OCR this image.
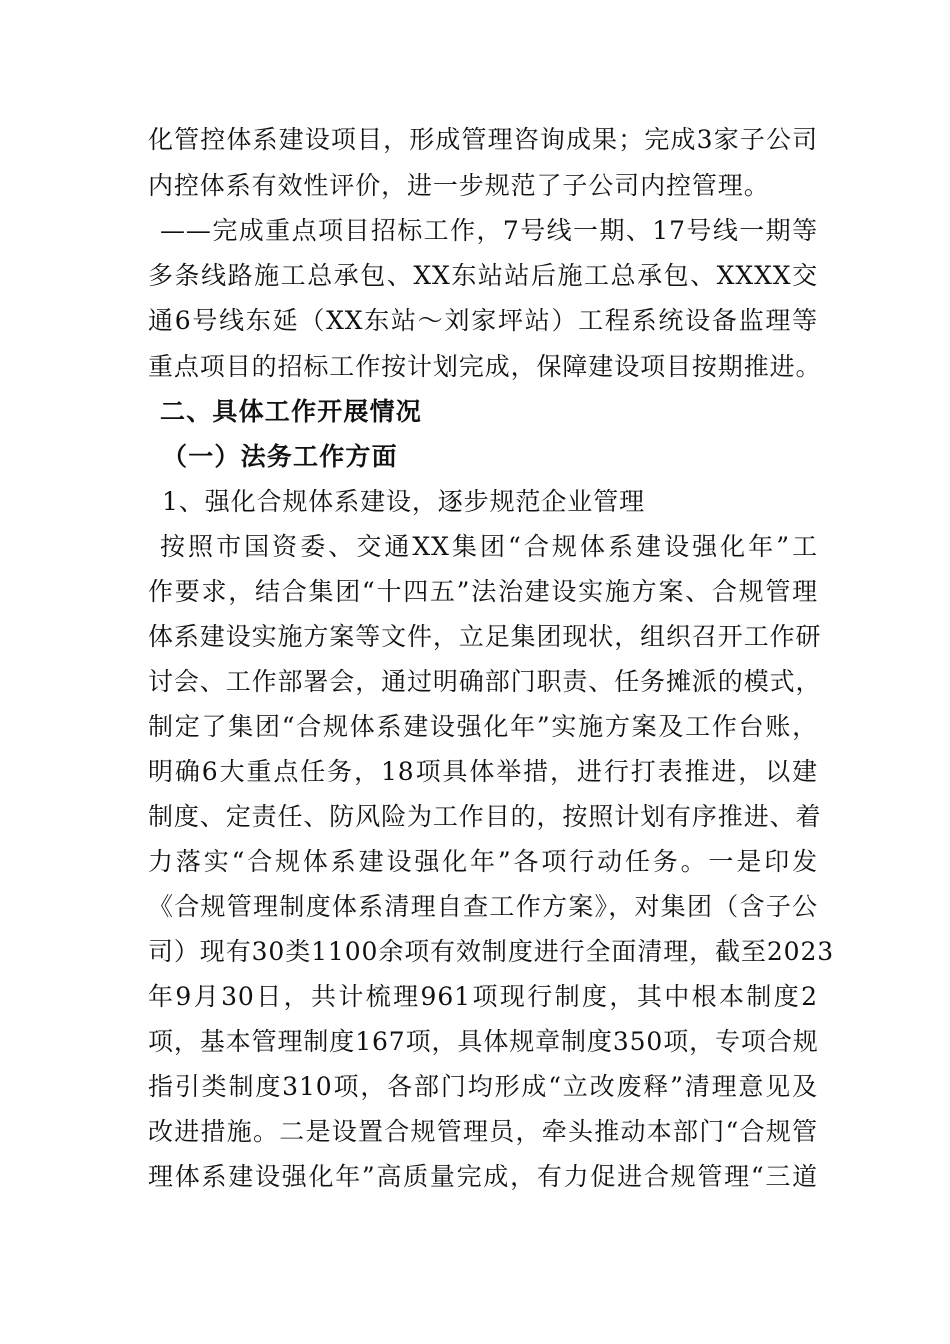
化管控体系建设项目，形成管理咨询成果；完成3家子公司
内控体系有效性评价，进一步规范了子公司内控管理。
——完成重点项目招标工作，7号线一期、17号线一期等
多条线路施工总承包、XX东站站后施工总承包、XXXX交
通6号线东延（XX东站～刘家坪站）工程系统设备监理等
重点项目的招标工作按计划完成，保障建设项目按期推进。
二、具体工作开展情况
（一）法务工作方面
1、强化合规体系建设，逐步规范企业管理
按照市国资委、交通XX集团“合规体系建设强化年”工
作要求，结合集团“十四五”法治建设实施方案、合规管理
体系建设实施方案等文件，立足集团现状，组织召开工作研
讨会、工作部署会，通过明确部门职责、任务摊派的模式，
制定了集团“合规体系建设强化年”实施方案及工作台账，
明确6大重点任务，18项具体举措，进行打表推进，以建
制度、定责任、防风险为工作目的，按照计划有序推进、着
力落实“合规体系建设强化年”各项行动任务。一是印发
《合规管理制度体系清理自查工作方案》，对集团（含子公
司）现有30类1100余项有效制度进行全面清理，截至2023
年9月30日，共计梳理961项现行制度，其中根本制度2
项，基本管理制度167项，具体规章制度350项，专项合规
指引类制度310项，各部门均形成“立改废释”清理意见及
改进措施。二是设置合规管理员，牵头推动本部门“合规管
理体系建设强化年”高质量完成，有力促进合规管理“三道
